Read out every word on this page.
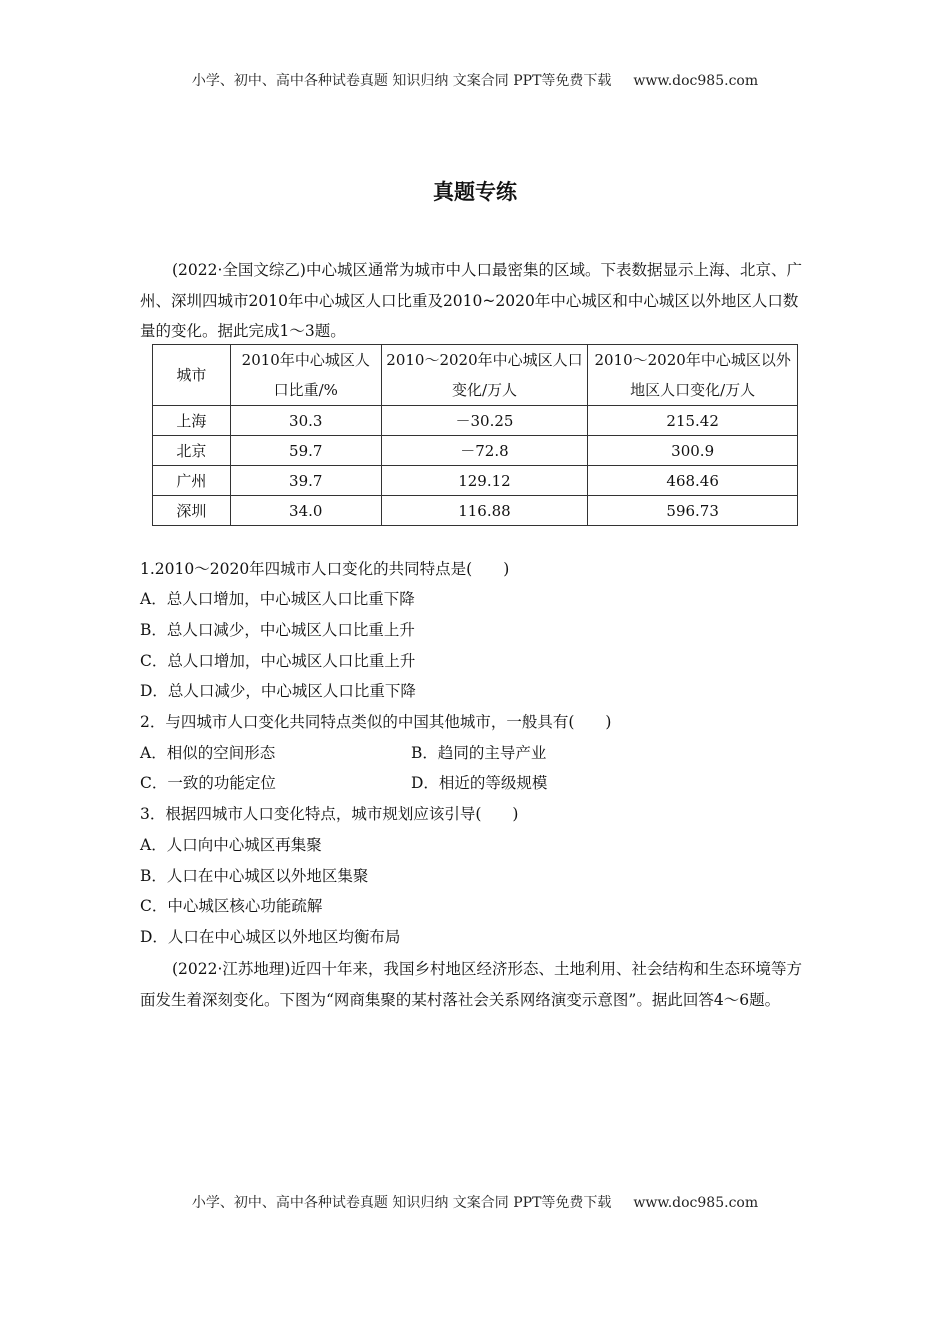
小学、初中、高中各种试卷真题 知识归纳 文案合同 PPT等免费下载 www.doc985.com
真题专练

(2022·全国文综乙)中心城区通常为城市中人口最密集的区域。下表数据显示上海、北京、广州、深圳四城市2010年中心城区人口比重及2010~2020年中心城区和中心城区以外地区人口数量的变化。据此完成1～3题。

城市	2010年中心城区人口比重/%	2010～2020年中心城区人口变化/万人	2010～2020年中心城区以外地区人口变化/万人
上海	30.3	－30.25	215.42
北京	59.7	－72.8	300.9
广州	39.7	129.12	468.46
深圳	34.0	116.88	596.73
1.2010～2020年四城市人口变化的共同特点是(　　)
A．总人口增加，中心城区人口比重下降
B．总人口减少，中心城区人口比重上升
C．总人口增加，中心城区人口比重上升
D．总人口减少，中心城区人口比重下降
2．与四城市人口变化共同特点类似的中国其他城市，一般具有(　　)
A．相似的空间形态	B．趋同的主导产业
C．一致的功能定位	D．相近的等级规模
3．根据四城市人口变化特点，城市规划应该引导(　　)
A．人口向中心城区再集聚
B．人口在中心城区以外地区集聚
C．中心城区核心功能疏解
D．人口在中心城区以外地区均衡布局

(2022·江苏地理)近四十年来，我国乡村地区经济形态、土地利用、社会结构和生态环境等方面发生着深刻变化。下图为“网商集聚的某村落社会关系网络演变示意图”。据此回答4～6题。

小学、初中、高中各种试卷真题 知识归纳 文案合同 PPT等免费下载 www.doc985.com
